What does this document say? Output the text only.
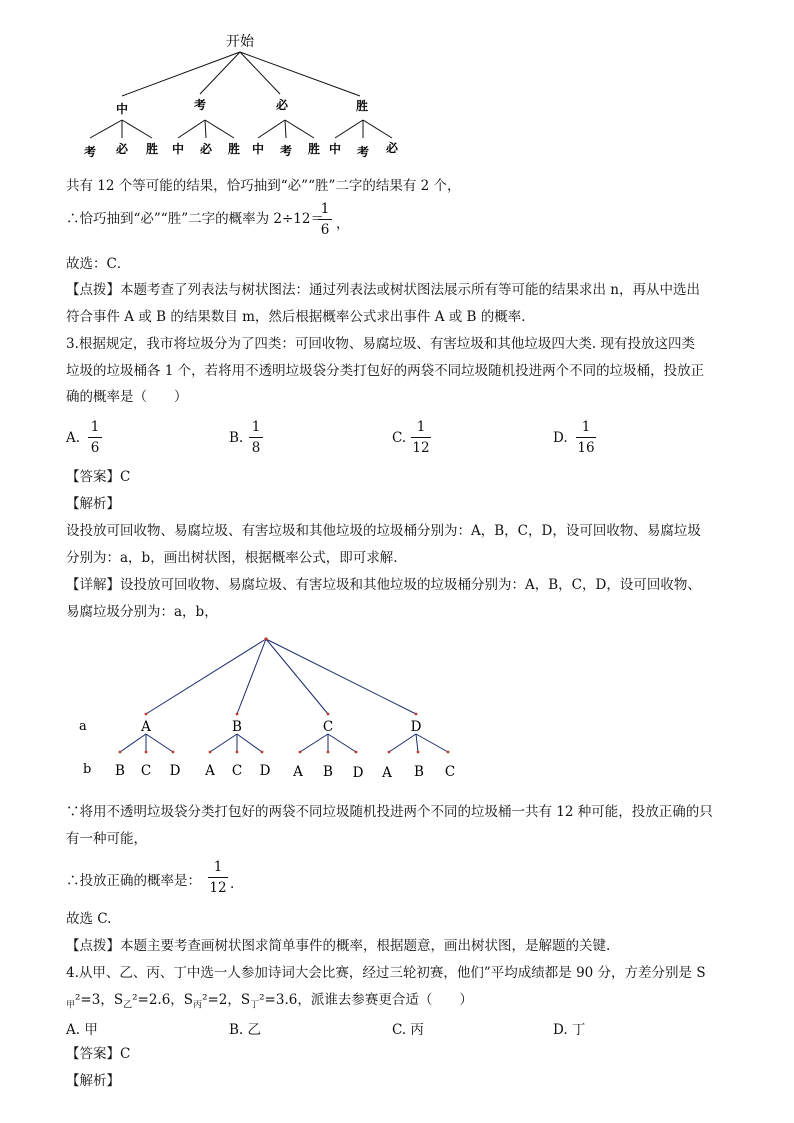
开始
中	考	必	胜
考 必 胜 中 必 胜 中 考 胜 中 考 必
共有 12 个等可能的结果，恰巧抽到“必”“胜”二字的结果有 2 个，
∴恰巧抽到“必”“胜”二字的概率为 2÷12＝
1
6 ，
故选：C．
【点拨】本题考查了列表法与树状图法：通过列表法或树状图法展示所有等可能的结果求出 n，再从中选出
符合事件 A 或 B 的结果数目 m，然后根据概率公式求出事件 A 或 B 的概率．
3.根据规定，我市将垃圾分为了四类：可回收物、易腐垃圾、有害垃圾和其他垃圾四大类. 现有投放这四类
垃圾的垃圾桶各 1 个，若将用不透明垃圾袋分类打包好的两袋不同垃圾随机投进两个不同的垃圾桶，投放正
确的概率是（　　）
A.
1
6
B.
1
8
C.
1
12
D.
1
16
【答案】C
【解析】
设投放可回收物、易腐垃圾、有害垃圾和其他垃圾的垃圾桶分别为：A，B，C，D，设可回收物、易腐垃圾
分别为：a，b，画出树状图，根据概率公式，即可求解.
【详解】设投放可回收物、易腐垃圾、有害垃圾和其他垃圾的垃圾桶分别为：A，B，C，D，设可回收物、
易腐垃圾分别为：a，b，
a
b
A	B	C	D
B C D A C D A B D A B C
∵将用不透明垃圾袋分类打包好的两袋不同垃圾随机投进两个不同的垃圾桶一共有 12 种可能，投放正确的只
有一种可能，
∴投放正确的概率是：
1
12 .
故选 C.
【点拨】本题主要考查画树状图求简单事件的概率，根据题意，画出树状图，是解题的关键.
4.从甲、乙、丙、丁中选一人参加诗词大会比赛，经过三轮初赛，他们”平均成绩都是 90 分，方差分别是 S
$_甲$²=3，$S_乙^2=2.6$，$S_丙^2=2$，$S_丁^2=3.6$，派谁去参赛更合适（　　）
A. 甲	B. 乙	C. 丙	D. 丁
【答案】C
【解析】
